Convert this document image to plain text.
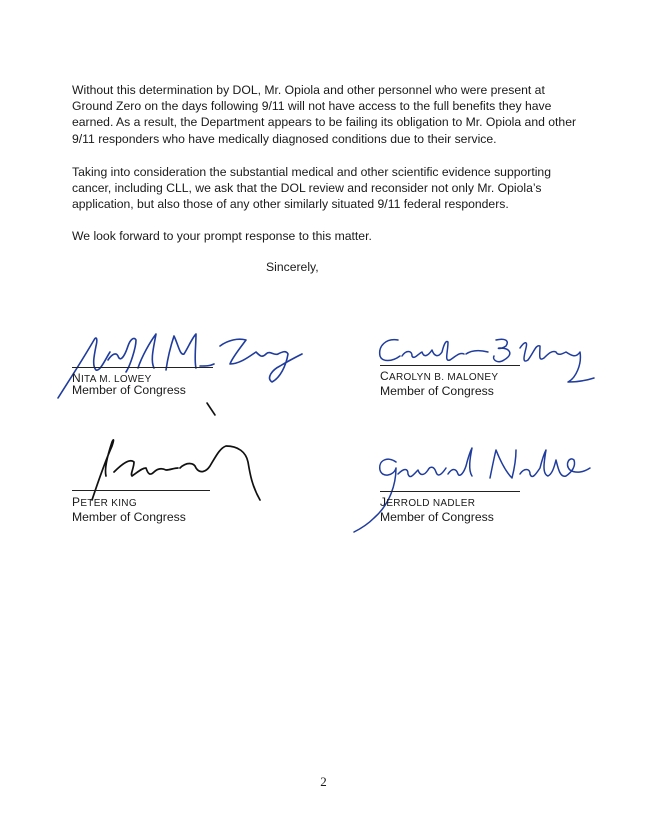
Without this determination by DOL, Mr. Opiola and other personnel who were present at
Ground Zero on the days following 9/11 will not have access to the full benefits they have
earned. As a result, the Department appears to be failing its obligation to Mr. Opiola and other
9/11 responders who have medically diagnosed conditions due to their service.

Taking into consideration the substantial medical and other scientific evidence supporting
cancer, including CLL, we ask that the DOL review and reconsider not only Mr. Opiola’s
application, but also those of any other similarly situated 9/11 federal responders.

We look forward to your prompt response to this matter.

Sincerely,
NITA M. LOWEY
Member of Congress
CAROLYN B. MALONEY
Member of Congress
PETER KING
Member of Congress
JERROLD NADLER
Member of Congress
2
